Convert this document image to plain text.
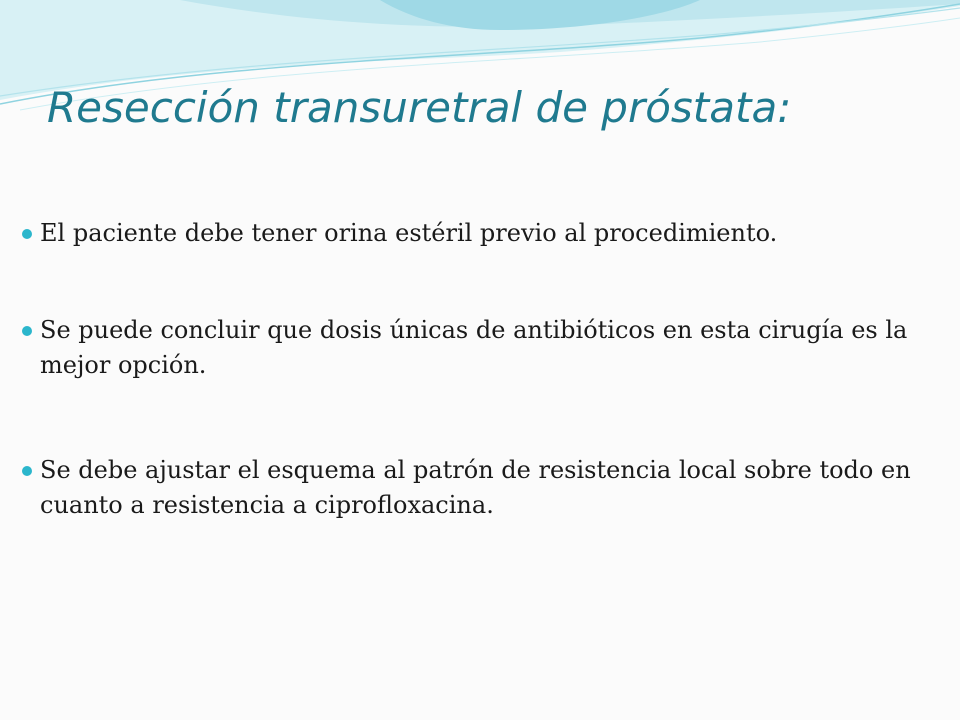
Resección transuretral de próstata:

El paciente debe tener orina estéril previo al procedimiento.

Se puede concluir que dosis únicas de antibióticos en esta cirugía es la mejor opción.

Se debe ajustar el esquema al patrón de resistencia local sobre todo en cuanto a resistencia a ciprofloxacina.
